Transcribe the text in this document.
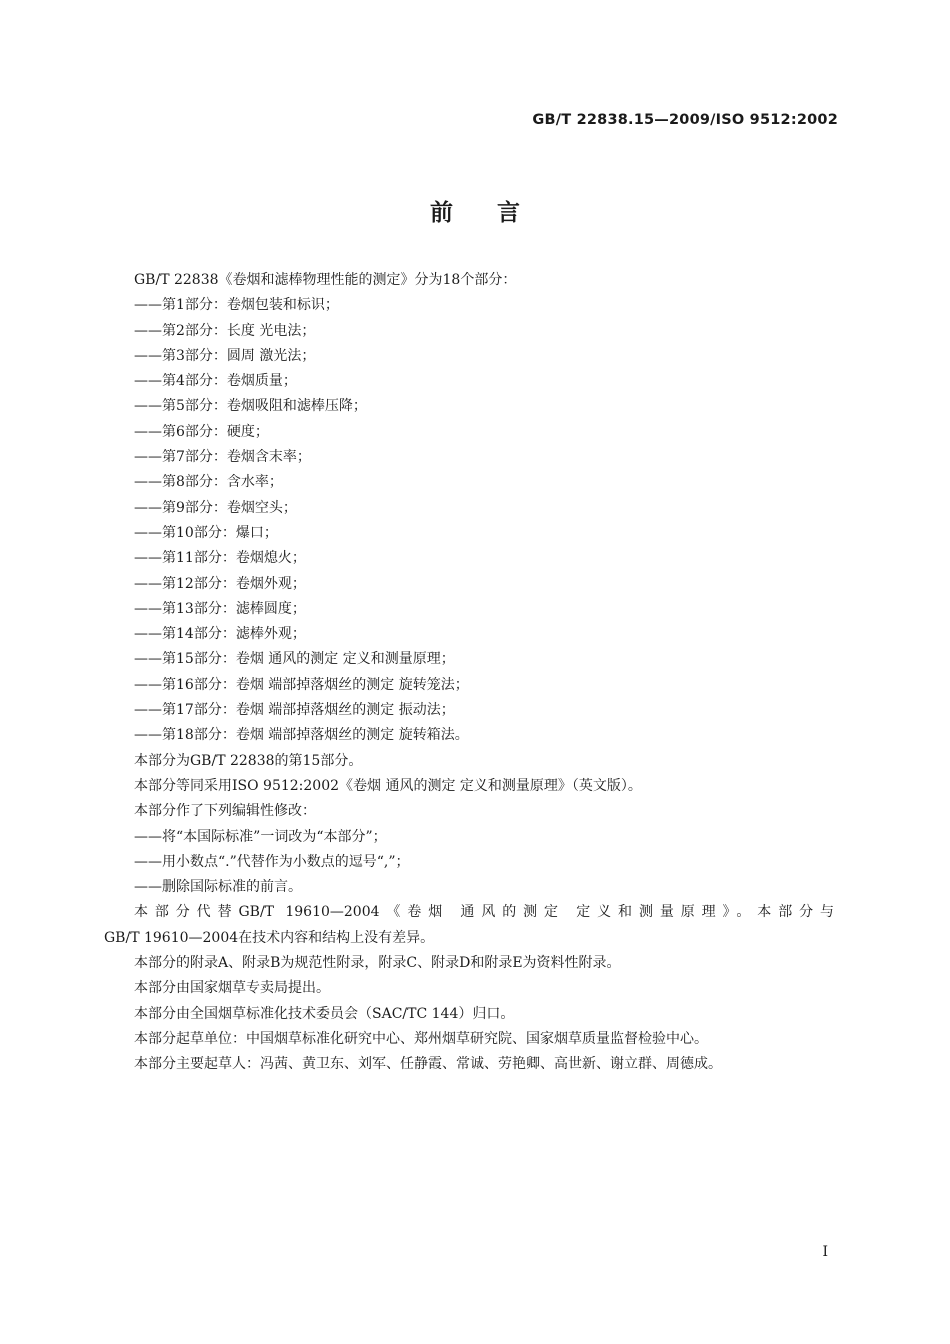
GB/T 22838.15—2009/ISO 9512:2002
前言
GB/T 22838《卷烟和滤棒物理性能的测定》分为18个部分：
——第1部分：卷烟包装和标识；
——第2部分：长度 光电法；
——第3部分：圆周 激光法；
——第4部分：卷烟质量；
——第5部分：卷烟吸阻和滤棒压降；
——第6部分：硬度；
——第7部分：卷烟含末率；
——第8部分：含水率；
——第9部分：卷烟空头；
——第10部分：爆口；
——第11部分：卷烟熄火；
——第12部分：卷烟外观；
——第13部分：滤棒圆度；
——第14部分：滤棒外观；
——第15部分：卷烟 通风的测定 定义和测量原理；
——第16部分：卷烟 端部掉落烟丝的测定 旋转笼法；
——第17部分：卷烟 端部掉落烟丝的测定 振动法；
——第18部分：卷烟 端部掉落烟丝的测定 旋转箱法。
本部分为GB/T 22838的第15部分。
本部分等同采用ISO 9512:2002《卷烟 通风的测定 定义和测量原理》（英文版）。
本部分作了下列编辑性修改：
——将“本国际标准”一词改为“本部分”；
——用小数点“.”代替作为小数点的逗号“,”；
——删除国际标准的前言。
本部分代替GB/T 19610—2004《卷烟 通风的测定 定义和测量原理》。本部分与
GB/T 19610—2004在技术内容和结构上没有差异。
本部分的附录A、附录B为规范性附录，附录C、附录D和附录E为资料性附录。
本部分由国家烟草专卖局提出。
本部分由全国烟草标准化技术委员会（SAC/TC 144）归口。
本部分起草单位：中国烟草标准化研究中心、郑州烟草研究院、国家烟草质量监督检验中心。
本部分主要起草人：冯茜、黄卫东、刘军、任静霞、常诚、劳艳卿、高世新、谢立群、周德成。
I
